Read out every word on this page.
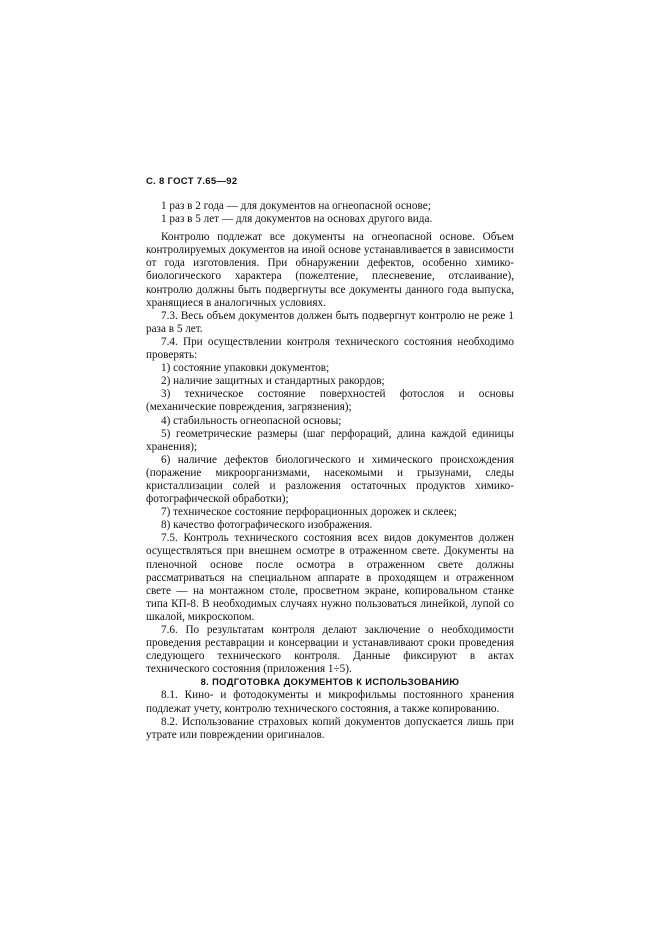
С. 8 ГОСТ 7.65—92

1 раз в 2 года — для документов на огнеопасной основе;

1 раз в 5 лет — для документов на основах другого вида.

Контролю подлежат все документы на огнеопасной основе. Объем контролируемых документов на иной основе устанавливается в зависимости от года изготовления. При обнаружении дефектов, особенно химико-биологического характера (пожелтение, плесневение, отслаивание), контролю должны быть подвергнуты все документы данного года выпуска, хранящиеся в аналогичных условиях.

7.3. Весь объем документов должен быть подвергнут контролю не реже 1 раза в 5 лет.

7.4. При осуществлении контроля технического состояния необходимо проверять:

1) состояние упаковки документов;

2) наличие защитных и стандартных ракордов;

3) техническое состояние поверхностей фотослоя и основы (механические повреждения, загрязнения);

4) стабильность огнеопасной основы;

5) геометрические размеры (шаг перфораций, длина каждой единицы хранения);

6) наличие дефектов биологического и химического происхождения (поражение микроорганизмами, насекомыми и грызунами, следы кристаллизации солей и разложения остаточных продуктов химико-фотографической обработки);

7) техническое состояние перфорационных дорожек и склеек;

8) качество фотографического изображения.

7.5. Контроль технического состояния всех видов документов должен осуществляться при внешнем осмотре в отраженном свете. Документы на пленочной основе после осмотра в отраженном свете должны рассматриваться на специальном аппарате в проходящем и отраженном свете — на монтажном столе, просветном экране, копировальном станке типа КП-8. В необходимых случаях нужно пользоваться линейкой, лупой со шкалой, микроскопом.

7.6. По результатам контроля делают заключение о необходимости проведения реставрации и консервации и устанавливают сроки проведения следующего технического контроля. Данные фиксируют в актах технического состояния (приложения 1÷5).

8. ПОДГОТОВКА ДОКУМЕНТОВ К ИСПОЛЬЗОВАНИЮ

8.1. Кино- и фотодокументы и микрофильмы постоянного хранения подлежат учету, контролю технического состояния, а также копированию.

8.2. Использование страховых копий документов допускается лишь при утрате или повреждении оригиналов.
